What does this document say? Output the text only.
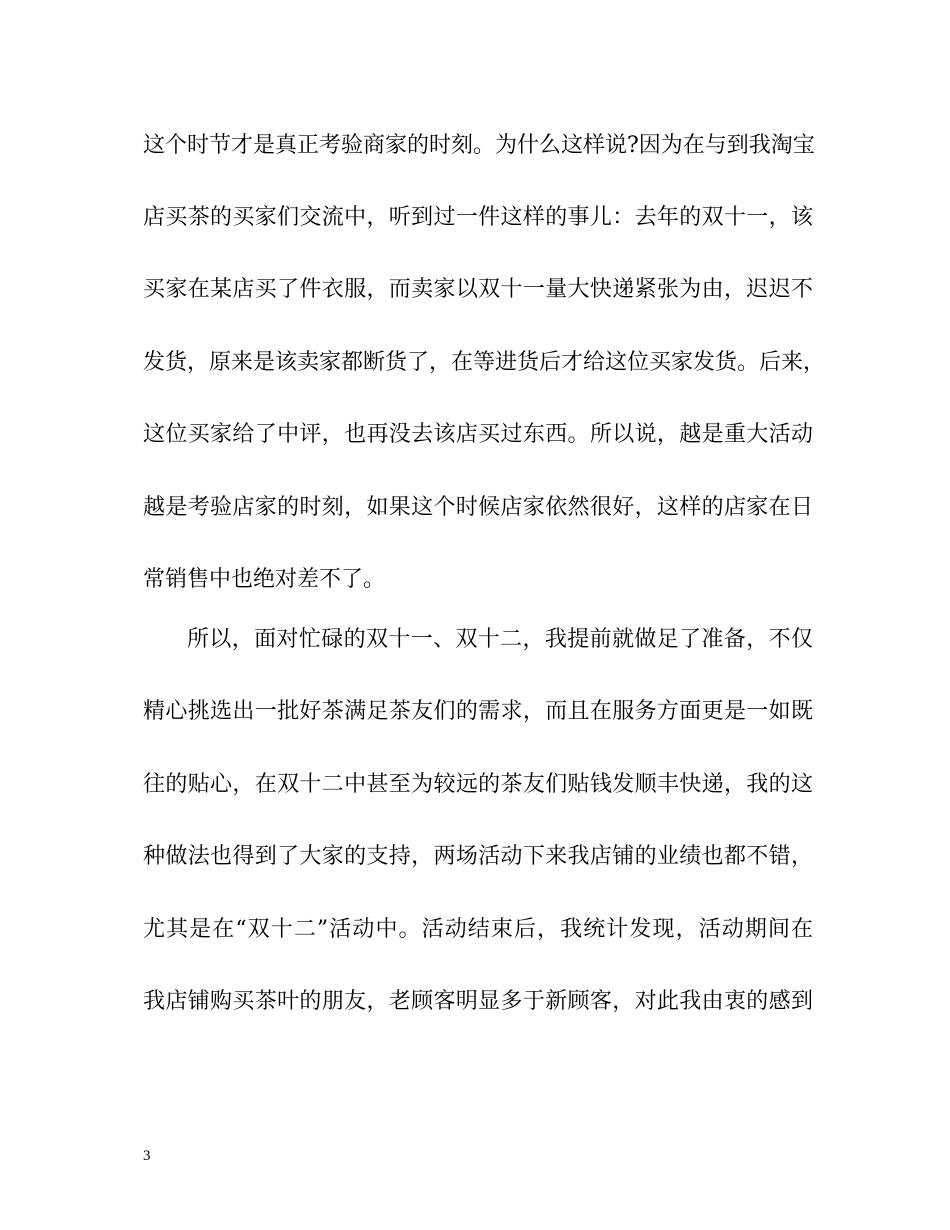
这个时节才是真正考验商家的时刻。为什么这样说?因为在与到我淘宝
店买茶的买家们交流中，听到过一件这样的事儿：去年的双十一，该
买家在某店买了件衣服，而卖家以双十一量大快递紧张为由，迟迟不
发货，原来是该卖家都断货了，在等进货后才给这位买家发货。后来，
这位买家给了中评，也再没去该店买过东西。所以说，越是重大活动
越是考验店家的时刻，如果这个时候店家依然很好，这样的店家在日
常销售中也绝对差不了。
所以，面对忙碌的双十一、双十二，我提前就做足了准备，不仅
精心挑选出一批好茶满足茶友们的需求，而且在服务方面更是一如既
往的贴心，在双十二中甚至为较远的茶友们贴钱发顺丰快递，我的这
种做法也得到了大家的支持，两场活动下来我店铺的业绩也都不错，
尤其是在“双十二”活动中。活动结束后，我统计发现，活动期间在
我店铺购买茶叶的朋友，老顾客明显多于新顾客，对此我由衷的感到
3
